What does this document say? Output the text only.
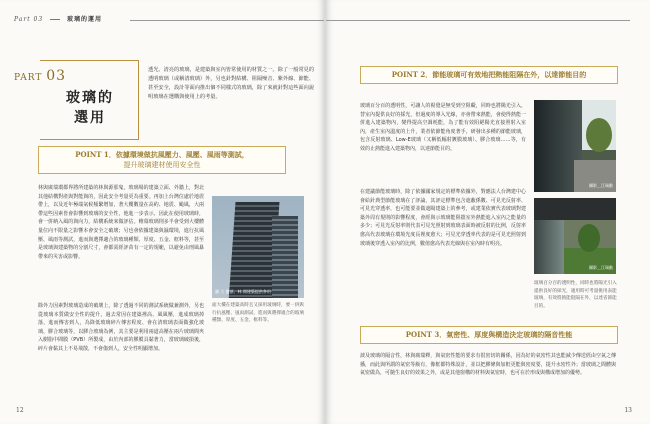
Part 03	玻璃的運用
PART 03
玻璃的選用
透光、清亮的玻璃，是建築與室內皆常使用的材質之一。除了一般常見的透明玻璃（或稱清玻璃）外，另也針對結構、阻隔噪音、紫外線、節能、甚至安全，設計等面向推出個不同樣式的玻璃，除了來就針對這些面向說明玻璃在選購與使用上的考量。
POINT 1．依據環境做抗風壓力、風壓、風雨等測試，
提升玻璃建材使用安全性
林與廣瑞環都界將所建築的林與源那鬼，玻璃場的建築立面、外牆上，對北其他結構對產與對能與的，因此安全考量更為重要。再加上台灣位處於地震帶上，以及近年極端氣候頻繁增加，著大樓數量在高約、地震、颱風，大兩帶這些因素皆會影響到玻璃的安全性，他進一步表示，因此在使用玻璃時，會一併納入風的與向力，結構系統來做評估。帷幕玻璃則多半會受到大樓體量位向不限量之影響本會安全之破壞；另也會依據建築與濕環境，進行抗風壓、風雨等測試，進而與選擇適合的玻璃種類、厚度、五金、框料等，甚至是玻璃與建築物的分割尺寸，會都需經評苗有一定的規範，以避免由刑風暴帶來的災害或影響。
除外力因素對玻璃造成的破壞上，除了透過不同的測試系統做兼測外，另也從玻璃本質做安全性的提升，過去常因在建築裡高、風風壓，進成玻璃掉落，進而傳害到人，為降低玻璃碎片傳害程度、會在清玻璃表面做強化玻璃、膠合玻璃等，以膠合玻璃為例，其主要是利用兩道高壓在兩片玻璃間夾入樹脂中間膜（PVB）所製成，由於內部的膠膜具黏著力，當玻璃破損後，碎片會黏其上不易飛散，不會傷到人，安全性明顯增加。
圖 大 樓頂，林 開建築提供參用
面大樓在建築高時且又採用玻璃時，要一併與行抗風壓、風雨測試，進而與選擇適合的玻璃種類、厚度、五金、框料等。
12
POINT 2．節能玻璃可有效地把熱能阻隔在外，以達節能目的
玻璃百分百的透明性，可讓人的視覺是無受到空阻礙，同時也將陽光引入，替室內提供良好的採光，但過度的導入光線，亦會帶來熱能，會使得熱能一併進入建築物內，變得提高空調耗能，為了能有效阻絕陽光直接照射入室內，產生室內溫度的上升，業者依節能角度著手，研發出多種的節能玻璃，包含反射玻璃、Low-E玻璃（又稱低輻射鍍膜玻璃）、膠合玻璃……等，有效的止熱能進入建築物內，以達節能目的。
在建議節能玻璃時，除了依據國家規定的標準依據外，對應法人台灣建中心會給針典型節能玻璃在了評論，其評定標準包含遮蔽係數、可見光反射率、可見光穿透率，也可能要並做遮陽建築上的參考，或建業依實代表玻璃對建築外周有規則的影響程度，會經與示玻璃能阻擋室外熱能進入室內之能量的多少；可見光反射率則代表可見光照射到玻璃表面時被反射的比例，反射率愈高代表玻璃在環境光度長裡度愈大；可見光穿透率代表的是可見光照射到玻璃後穿透入室內的比例，數值愈高代表光線與在室內時有明亮。
攝影＿江瑞勳
攝影＿江瑞勳
玻璃百分百的透明性，同時也將陽光引入提供良好的採光，適用時可考量挑用表能玻璃，有效將熱能阻隔在外，以達省節能目的。
POINT 3．氣密性、厚度與構造決定玻璃的隔音性能
談及玻璃的隔音性，林與廣瑞釋，與氣密性能的要求有很密切的關係，因為好的氣密性其也能減少傳送經由空氣之傳播，而此與所謂的氣密等級有，像框都特殊設計，並以把膠條與加框更能與密度要，提升水密性外；當玻璃之間體與氣密做為，可隨生良好的效果之外，或是其他窗構的材料與氣密時，也可在於形成與構成增加的優勢。
13
